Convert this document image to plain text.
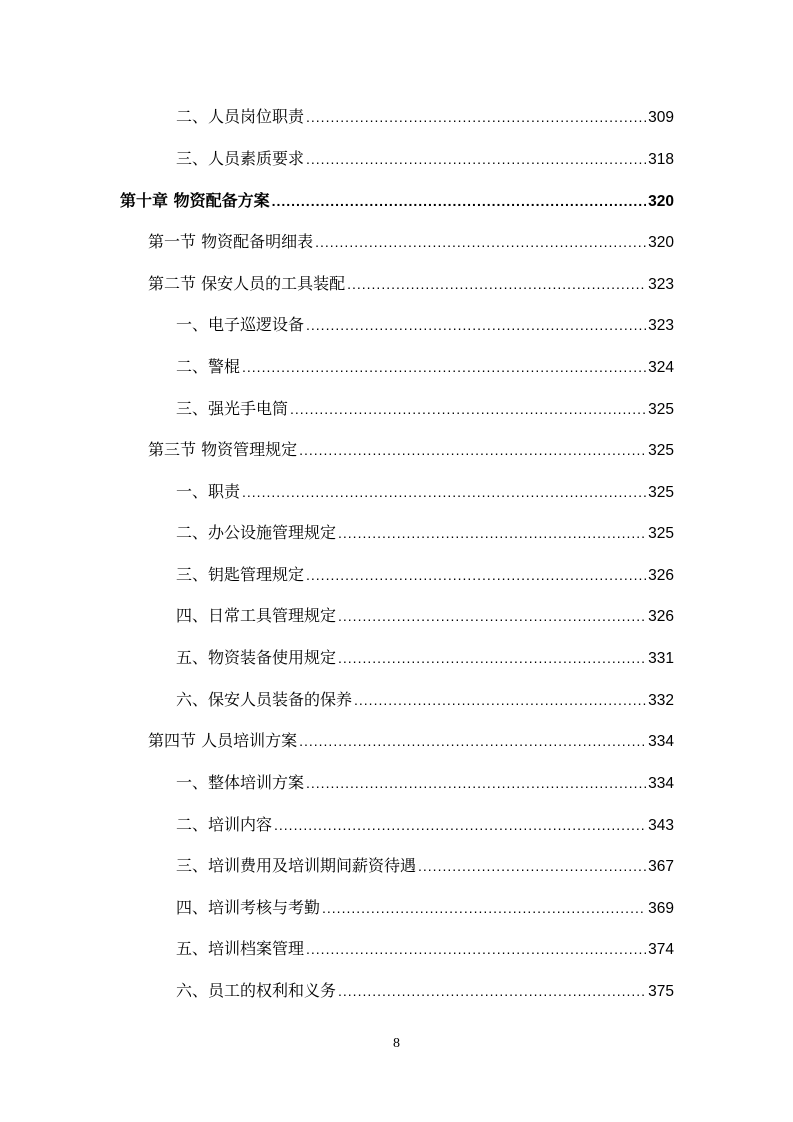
二、人员岗位职责 .....	309
三、人员素质要求 .....	318
第十章 物资配备方案 .....	320
第一节 物资配备明细表 .....	320
第二节 保安人员的工具装配 .....	323
一、电子巡逻设备 .....	323
二、警棍 .....	324
三、强光手电筒 .....	325
第三节 物资管理规定 .....	325
一、职责 .....	325
二、办公设施管理规定 .....	325
三、钥匙管理规定 .....	326
四、日常工具管理规定 .....	326
五、物资装备使用规定 .....	331
六、保安人员装备的保养 .....	332
第四节 人员培训方案 .....	334
一、整体培训方案 .....	334
二、培训内容 .....	343
三、培训费用及培训期间薪资待遇 .....	367
四、培训考核与考勤 .....	369
五、培训档案管理 .....	374
六、员工的权利和义务 .....	375
8
